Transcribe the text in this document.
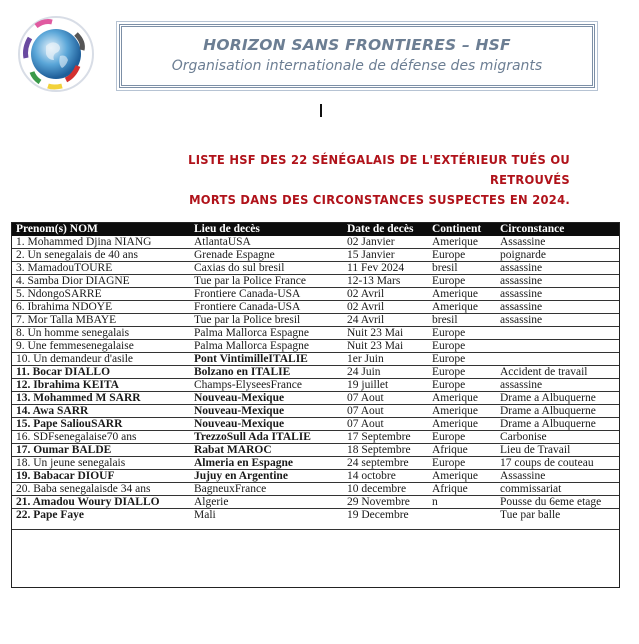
HORIZON SANS FRONTIERES – HSF
Organisation internationale de défense des migrants
LISTE HSF DES 22 SÉNÉGALAIS DE L'EXTÉRIEUR TUÉS OU RETROUVÉS
MORTS DANS DES CIRCONSTANCES SUSPECTES EN 2024.
Prenom(s) NOM	Lieu de decès	Date de decès	Continent	Circonstance
1. Mohammed Djina NIANG	AtlantaUSA	02 Janvier	Amerique	Assassine
2. Un senegalais de 40 ans	Grenade Espagne	15 Janvier	Europe	poignarde
3. MamadouTOURE	Caxias do sul bresil	11 Fev 2024	bresil	assassine
4. Samba Dior DIAGNE	Tue par la Police France	12-13 Mars	Europe	assassine
5. NdongoSARRE	Frontiere Canada-USA	02 Avril	Amerique	assassine
6. Ibrahima NDOYE	Frontiere Canada-USA	02 Avril	Amerique	assassine
7. Mor Talla MBAYE	Tue par la Police bresil	24 Avril	bresil	assassine
8. Un homme senegalais	Palma Mallorca Espagne	Nuit 23 Mai	Europe	
9. Une femmesenegalaise	Palma Mallorca Espagne	Nuit 23 Mai	Europe	
10. Un demandeur d'asile	Pont VintimilleITALIE	1er Juin	Europe	
11. Bocar DIALLO	Bolzano en ITALIE	24 Juin	Europe	Accident de travail
12. Ibrahima KEITA	Champs-ElyseesFrance	19 juillet	Europe	assassine
13. Mohammed M SARR	Nouveau-Mexique	07 Aout	Amerique	Drame a Albuquerne
14. Awa SARR	Nouveau-Mexique	07 Aout	Amerique	Drame a Albuquerne
15. Pape SaliouSARR	Nouveau-Mexique	07 Aout	Amerique	Drame a Albuquerne
16. SDFsenegalaise70 ans	TrezzoSull Ada ITALIE	17 Septembre	Europe	Carbonise
17. Oumar BALDE	Rabat MAROC	18 Septembre	Afrique	Lieu de Travail
18. Un jeune senegalais	Almeria en Espagne	24 septembre	Europe	17 coups de couteau
19. Babacar DIOUF	Jujuy en Argentine	14 octobre	Amerique	Assassine
20. Baba senegalaisde 34 ans	BagneuxFrance	10 decembre	Afrique	commissariat
21. Amadou Woury DIALLO	Algerie	29 Novembre	n	Pousse du 6eme etage
22. Pape Faye	Mali	19 Decembre		Tue par balle
